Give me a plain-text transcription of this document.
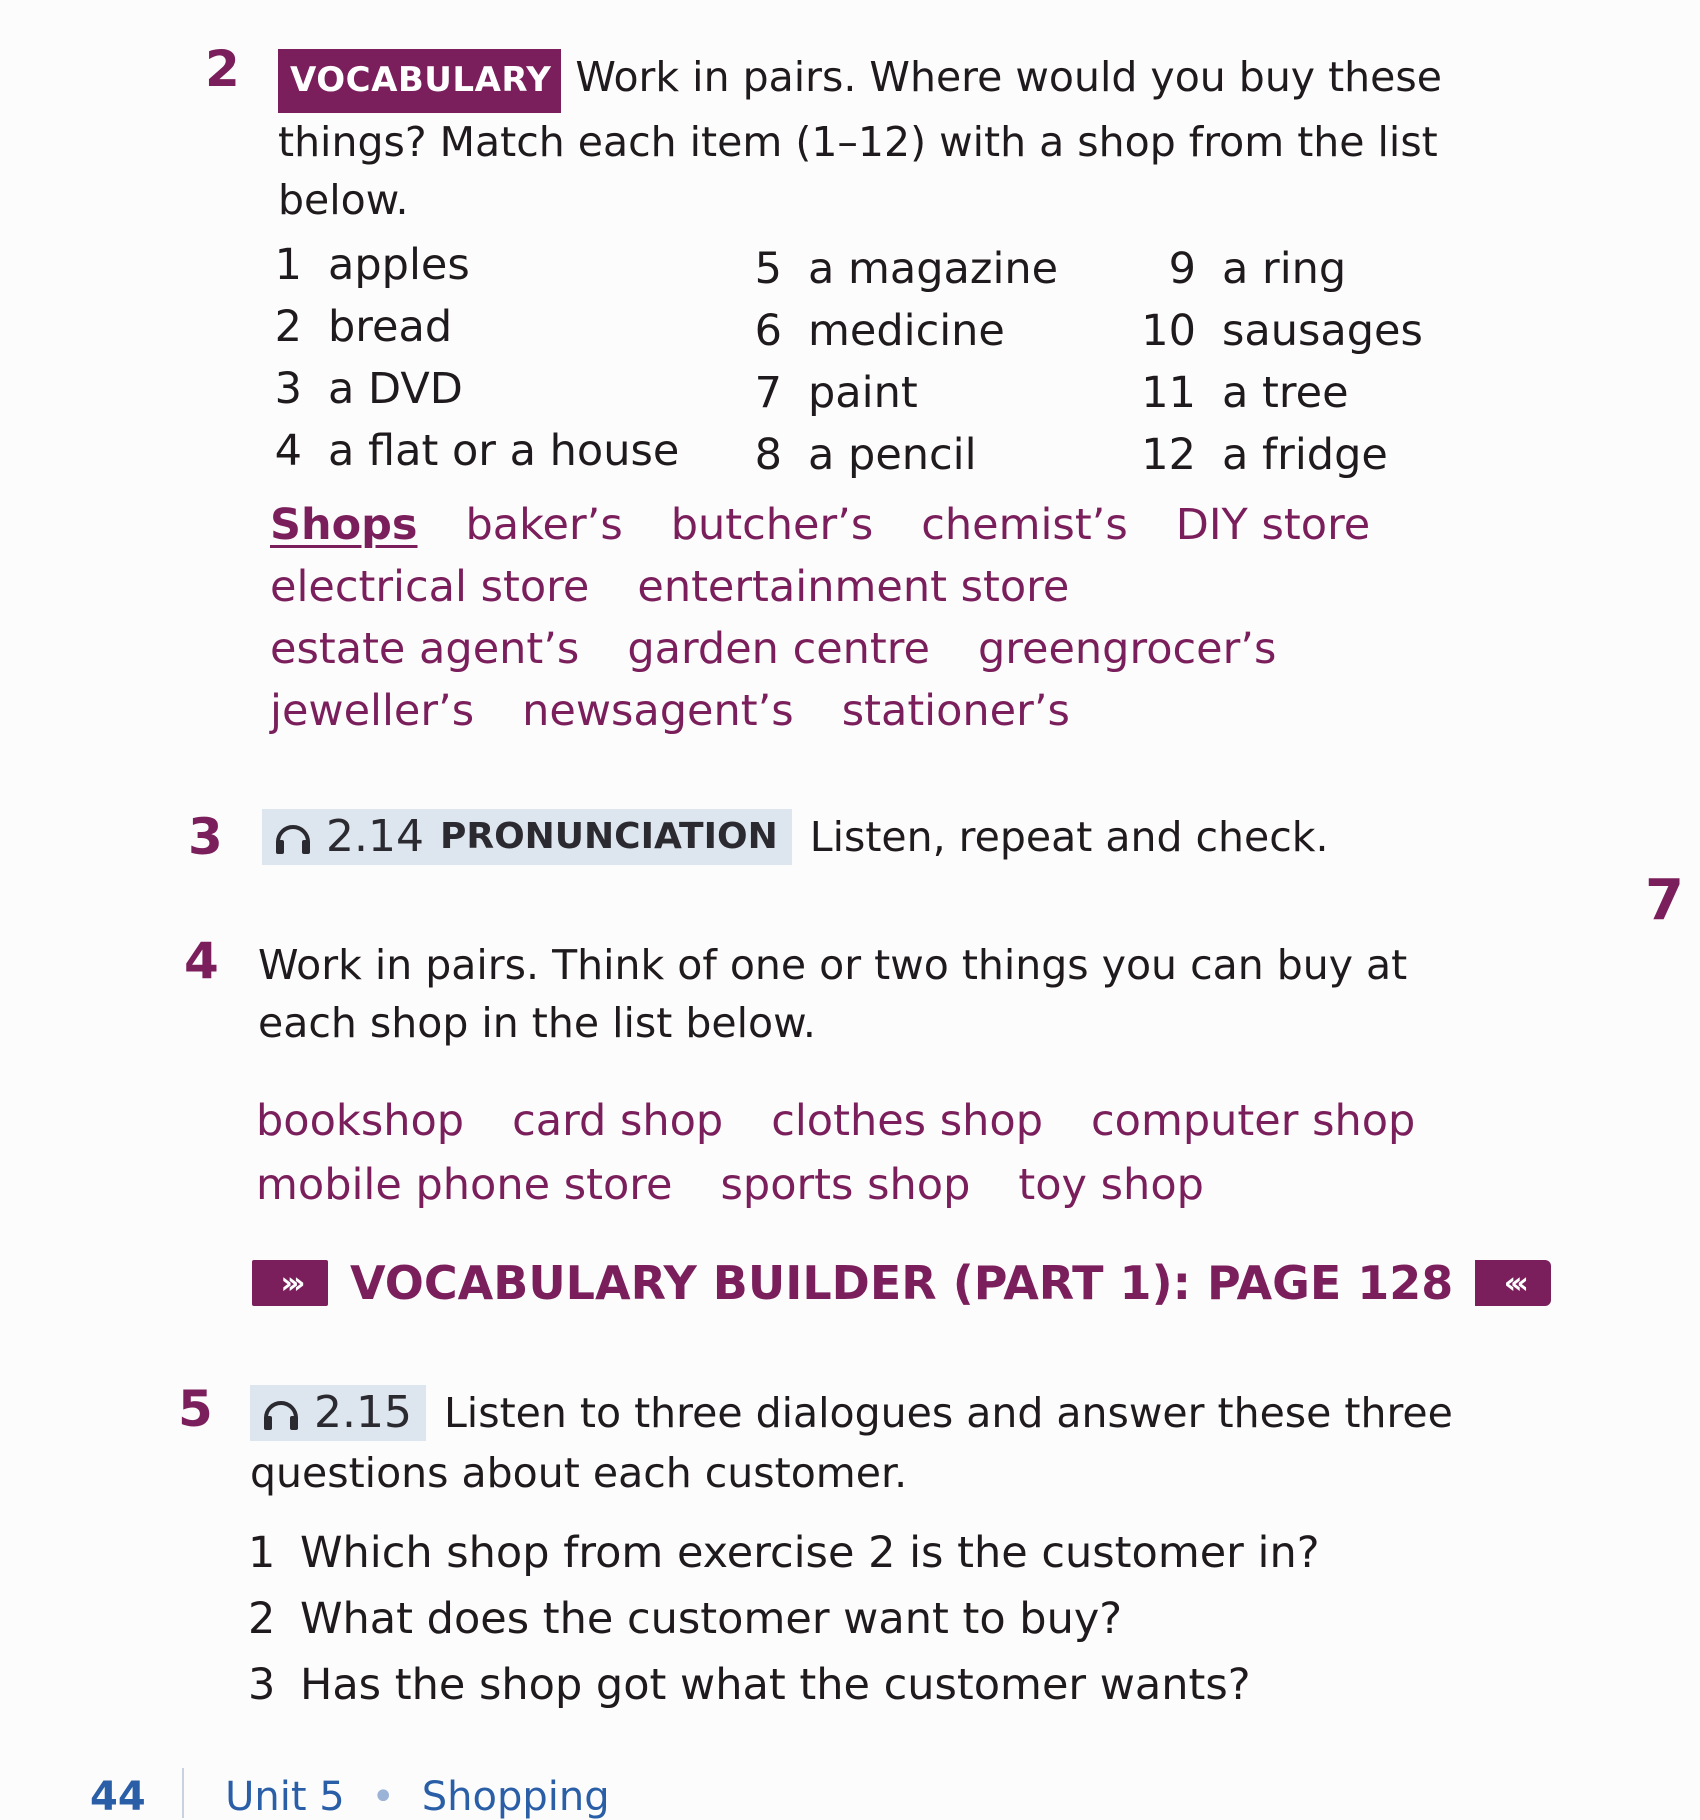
2	VOCABULARY Work in pairs. Where would you buy these
things? Match each item (1–12) with a shop from the list
below.
1 apples
2 bread
3 a DVD
4 a flat or a house
5 a magazine
6 medicine
7 paint
8 a pencil
9 a ring
10 sausages
11 a tree
12 a fridge
Shops baker’s butcher’s chemist’s DIY store
electrical store entertainment store
estate agent’s garden centre greengrocer’s
jeweller’s newsagent’s stationer’s
3 2.14 PRONUNCIATION Listen, repeat and check.
7
4 Work in pairs. Think of one or two things you can buy at
each shop in the list below.
bookshop card shop clothes shop computer shop
mobile phone store sports shop toy shop
›››	VOCABULARY BUILDER (PART 1): PAGE 128	‹‹‹
5 2.15 Listen to three dialogues and answer these three
questions about each customer.
1 Which shop from exercise 2 is the customer in?
2 What does the customer want to buy?
3 Has the shop got what the customer wants?
44 Unit 5 • Shopping
